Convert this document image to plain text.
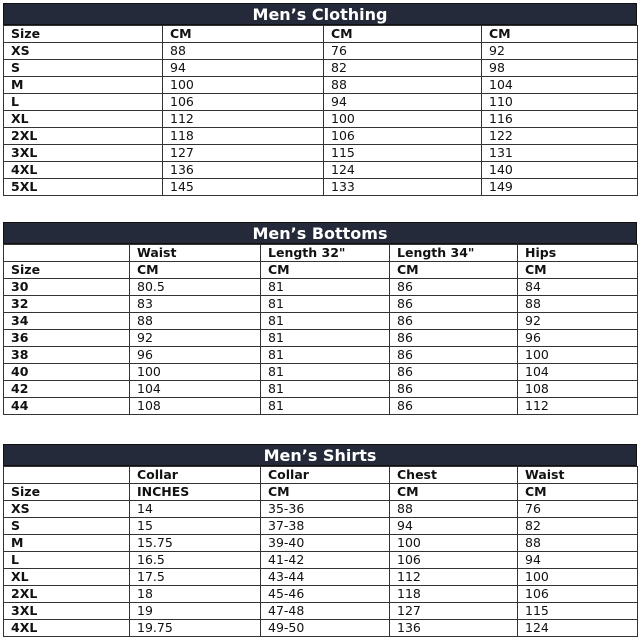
Men’s Clothing
Size	CM	CM	CM
XS	88	76	92
S	94	82	98
M	100	88	104
L	106	94	110
XL	112	100	116
2XL	118	106	122
3XL	127	115	131
4XL	136	124	140
5XL	145	133	149
Men’s Bottoms
	Waist	Length 32"	Length 34"	Hips
Size	CM	CM	CM	CM
30	80.5	81	86	84
32	83	81	86	88
34	88	81	86	92
36	92	81	86	96
38	96	81	86	100
40	100	81	86	104
42	104	81	86	108
44	108	81	86	112
Men’s Shirts
	Collar	Collar	Chest	Waist
Size	INCHES	CM	CM	CM
XS	14	35-36	88	76
S	15	37-38	94	82
M	15.75	39-40	100	88
L	16.5	41-42	106	94
XL	17.5	43-44	112	100
2XL	18	45-46	118	106
3XL	19	47-48	127	115
4XL	19.75	49-50	136	124
